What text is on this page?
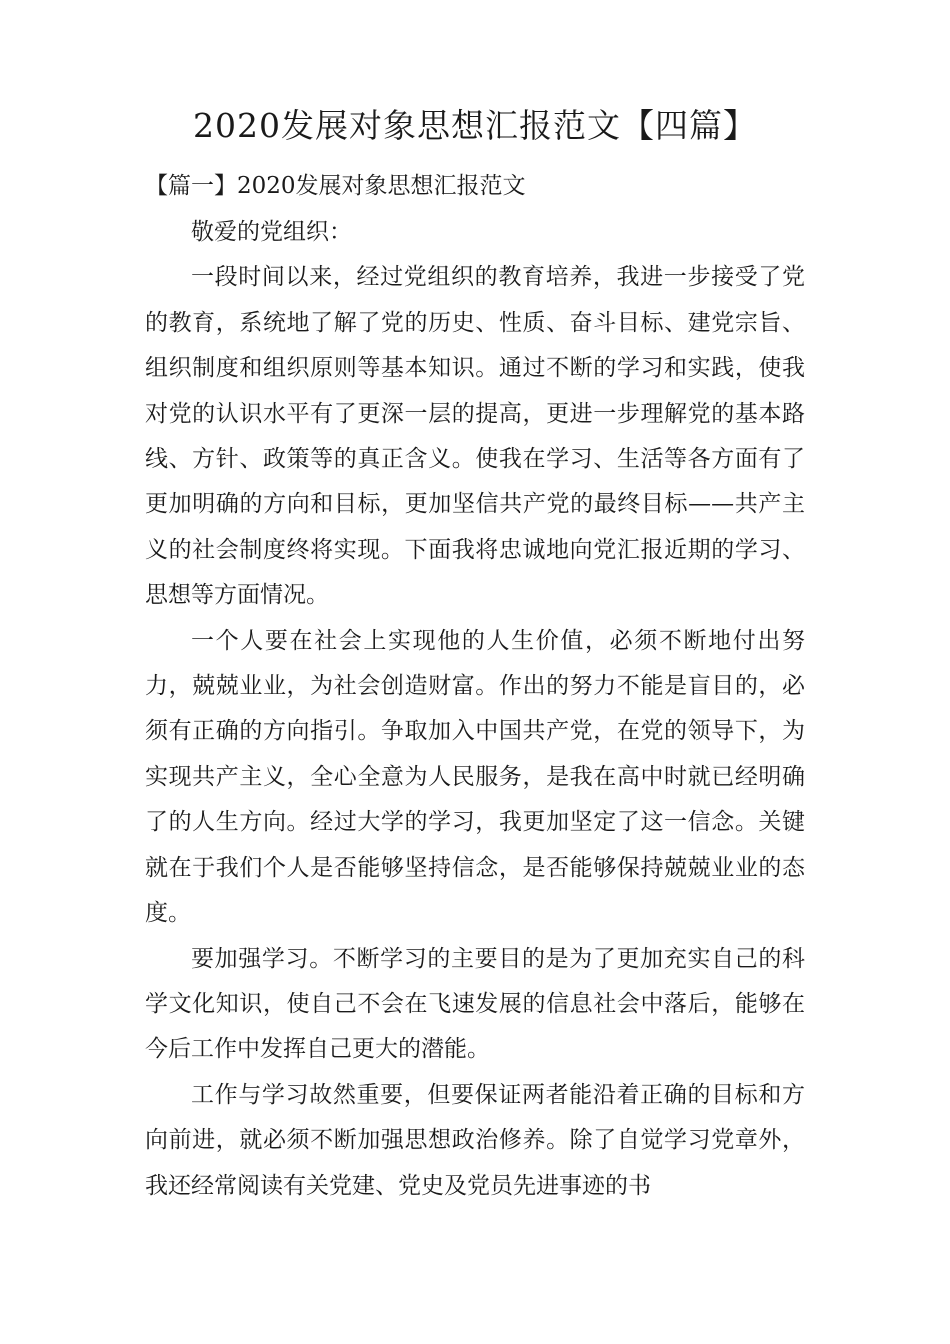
2020发展对象思想汇报范文【四篇】
【篇一】2020发展对象思想汇报范文

敬爱的党组织：

一段时间以来，经过党组织的教育培养，我进一步接受了党的教育，系统地了解了党的历史、性质、奋斗目标、建党宗旨、组织制度和组织原则等基本知识。通过不断的学习和实践，使我对党的认识水平有了更深一层的提高，更进一步理解党的基本路线、方针、政策等的真正含义。使我在学习、生活等各方面有了更加明确的方向和目标，更加坚信共产党的最终目标——共产主义的社会制度终将实现。下面我将忠诚地向党汇报近期的学习、思想等方面情况。

一个人要在社会上实现他的人生价值，必须不断地付出努力，兢兢业业，为社会创造财富。作出的努力不能是盲目的，必须有正确的方向指引。争取加入中国共产党，在党的领导下，为实现共产主义，全心全意为人民服务，是我在高中时就已经明确了的人生方向。经过大学的学习，我更加坚定了这一信念。关键就在于我们个人是否能够坚持信念，是否能够保持兢兢业业的态度。

要加强学习。不断学习的主要目的是为了更加充实自己的科学文化知识，使自己不会在飞速发展的信息社会中落后，能够在今后工作中发挥自己更大的潜能。

工作与学习故然重要，但要保证两者能沿着正确的目标和方向前进，就必须不断加强思想政治修养。除了自觉学习党章外，我还经常阅读有关党建、党史及党员先进事迹的书
